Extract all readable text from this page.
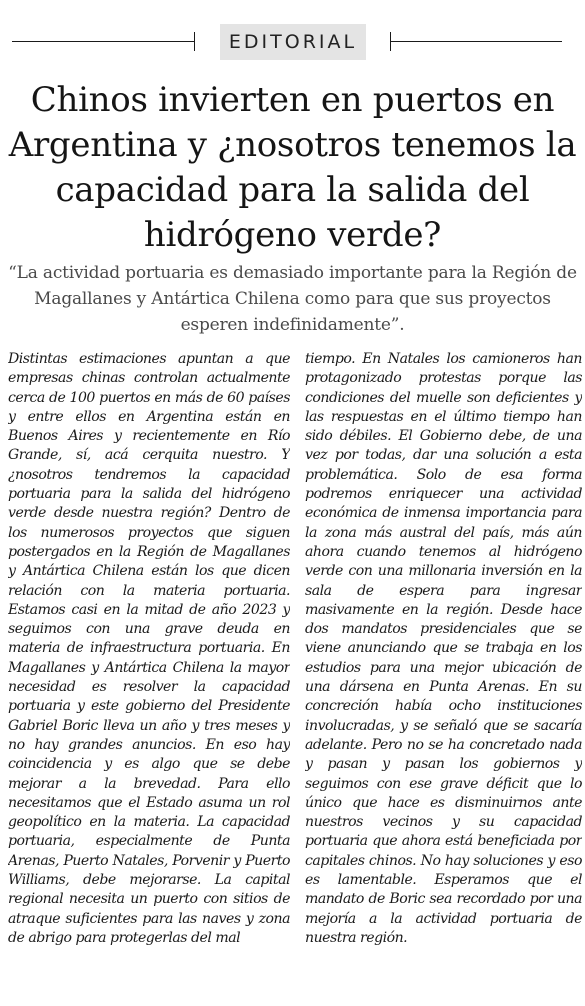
EDITORIAL
Chinos invierten en puertos en Argentina y ¿nosotros tenemos la capacidad para la salida del hidrógeno verde?

“La actividad portuaria es demasiado importante para la Región de Magallanes y Antártica Chilena como para que sus proyectos esperen indefinidamente”.

Distintas estimaciones apuntan a que empresas chinas controlan actualmente cerca de 100 puertos en más de 60 países y entre ellos en Argentina están en Buenos Aires y recientemente en Río Grande, sí, acá cerquita nuestro. Y ¿nosotros tendremos la capacidad portuaria para la salida del hidrógeno verde desde nuestra región? Dentro de los numerosos proyectos que siguen postergados en la Región de Magallanes y Antártica Chilena están los que dicen relación con la materia portuaria. Estamos casi en la mitad de año 2023 y seguimos con una grave deuda en materia de infraestructura portuaria. En Magallanes y Antártica Chilena la mayor necesidad es resolver la capacidad portuaria y este gobierno del Presidente Gabriel Boric lleva un año y tres meses y no hay grandes anuncios. En eso hay coincidencia y es algo que se debe mejorar a la brevedad. Para ello necesitamos que el Estado asuma un rol geopolítico en la materia. La capacidad portuaria, especialmente de Punta Arenas, Puerto Natales, Porvenir y Puerto Williams, debe mejorarse. La capital regional necesita un puerto con sitios de atraque suficientes para las naves y zona de abrigo para protegerlas del mal

tiempo. En Natales los camioneros han protagonizado protestas porque las condiciones del muelle son deficientes y las respuestas en el último tiempo han sido débiles. El Gobierno debe, de una vez por todas, dar una solución a esta problemática. Solo de esa forma podremos enriquecer una actividad económica de inmensa importancia para la zona más austral del país, más aún ahora cuando tenemos al hidrógeno verde con una millonaria inversión en la sala de espera para ingresar masivamente en la región. Desde hace dos mandatos presidenciales que se viene anunciando que se trabaja en los estudios para una mejor ubicación de una dársena en Punta Arenas. En su concreción había ocho instituciones involucradas, y se señaló que se sacaría adelante. Pero no se ha concretado nada y pasan y pasan los gobiernos y seguimos con ese grave déficit que lo único que hace es disminuirnos ante nuestros vecinos y su capacidad portuaria que ahora está beneficiada por capitales chinos. No hay soluciones y eso es lamentable. Esperamos que el mandato de Boric sea recordado por una mejoría a la actividad portuaria de nuestra región.
